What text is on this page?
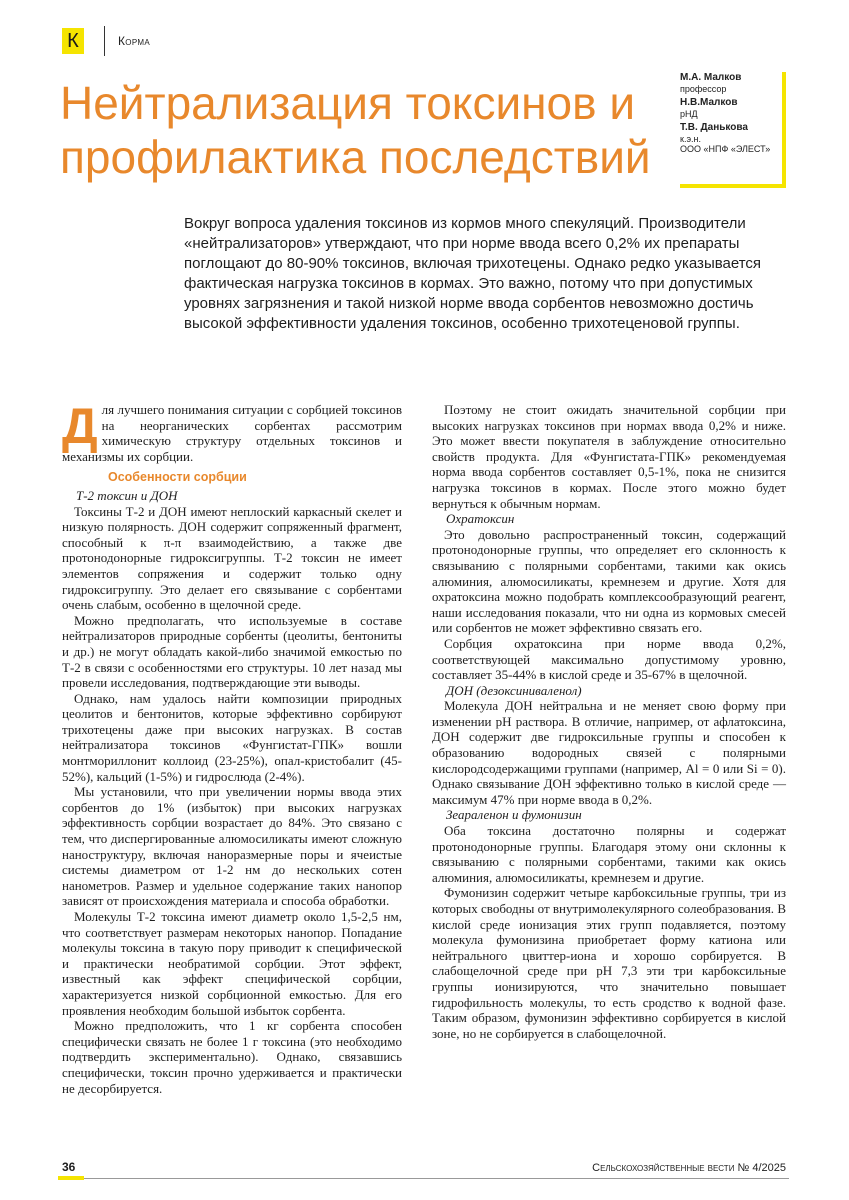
К	Корма
Нейтрализация токсинов и профилактика последствий
М.А. Малков
профессор
Н.В.Малков
рНД
Т.В. Данькова
к.э.н.
ООО «НПФ «ЭЛЕСТ»

Вокруг вопроса удаления токсинов из кормов много спекуляций. Производители «нейтрализаторов» утверждают, что при норме ввода всего 0,2% их препараты поглощают до 80-90% токсинов, включая трихотецены. Однако редко указывается фактическая нагрузка токсинов в кормах. Это важно, потому что при допустимых уровнях загрязнения и такой низкой норме ввода сорбентов невозможно достичь высокой эффективности удаления токсинов, особенно трихотеценовой группы.

Для лучшего понимания ситуации с сорбцией токсинов на неорганических сорбентах рассмотрим химическую структуру отдельных токсинов и механизмы их сорбции.

Особенности сорбции

Т-2 токсин и ДОН

Токсины Т-2 и ДОН имеют неплоский каркасный скелет и низкую полярность. ДОН содержит сопряженный фрагмент, способный к π-π взаимодействию, а также две протонодонорные гидроксигруппы. Т-2 токсин не имеет элементов сопряжения и содержит только одну гидроксигруппу. Это делает его связывание с сорбентами очень слабым, особенно в щелочной среде.

Можно предполагать, что используемые в составе нейтрализаторов природные сорбенты (цеолиты, бентониты и др.) не могут обладать какой-либо значимой емкостью по Т-2 в связи с особенностями его структуры. 10 лет назад мы провели исследования, подтверждающие эти выводы.

Однако, нам удалось найти композиции природных цеолитов и бентонитов, которые эффективно сорбируют трихотецены даже при высоких нагрузках. В состав нейтрализатора токсинов «Фунгистат-ГПК» вошли монтмориллонит коллоид (23-25%), опал-кристобалит (45-52%), кальций (1-5%) и гидрослюда (2-4%).

Мы установили, что при увеличении нормы ввода этих сорбентов до 1% (избыток) при высоких нагрузках эффективность сорбции возрастает до 84%. Это связано с тем, что диспергированные алюмосиликаты имеют сложную наноструктуру, включая наноразмерные поры и ячеистые системы диаметром от 1-2 нм до нескольких сотен нанометров. Размер и удельное содержание таких нанопор зависят от происхождения материала и способа обработки.

Молекулы Т-2 токсина имеют диаметр около 1,5-2,5 нм, что соответствует размерам некоторых нанопор. Попадание молекулы токсина в такую пору приводит к специфической и практически необратимой сорбции. Этот эффект, известный как эффект специфической сорбции, характеризуется низкой сорбционной емкостью. Для его проявления необходим большой избыток сорбента.

Можно предположить, что 1 кг сорбента способен специфически связать не более 1 г токсина (это необходимо подтвердить экспериментально). Однако, связавшись специфически, токсин прочно удерживается и практически не десорбируется.

Поэтому не стоит ожидать значительной сорбции при высоких нагрузках токсинов при нормах ввода 0,2% и ниже. Это может ввести покупателя в заблуждение относительно свойств продукта. Для «Фунгистата-ГПК» рекомендуемая норма ввода сорбентов составляет 0,5-1%, пока не снизится нагрузка токсинов в кормах. После этого можно будет вернуться к обычным нормам.

Охратоксин

Это довольно распространенный токсин, содержащий протонодонорные группы, что определяет его склонность к связыванию с полярными сорбентами, такими как окись алюминия, алюмосиликаты, кремнезем и другие. Хотя для охратоксина можно подобрать комплексообразующий реагент, наши исследования показали, что ни одна из кормовых смесей или сорбентов не может эффективно связать его.

Сорбция охратоксина при норме ввода 0,2%, соответствующей максимально допустимому уровню, составляет 35-44% в кислой среде и 35-67% в щелочной.

ДОН (дезоксиниваленол)

Молекула ДОН нейтральна и не меняет свою форму при изменении pH раствора. В отличие, например, от афлатоксина, ДОН содержит две гидроксильные группы и способен к образованию водородных связей с полярными кислородсодержащими группами (например, Al = 0 или Si = 0). Однако связывание ДОН эффективно только в кислой среде — максимум 47% при норме ввода в 0,2%.

Зеараленон и фумонизин

Оба токсина достаточно полярны и содержат протонодонорные группы. Благодаря этому они склонны к связыванию с полярными сорбентами, такими как окись алюминия, алюмосиликаты, кремнезем и другие.

Фумонизин содержит четыре карбоксильные группы, три из которых свободны от внутримолекулярного солеобразования. В кислой среде ионизация этих групп подавляется, поэтому молекула фумонизина приобретает форму катиона или нейтрального цвиттер-иона и хорошо сорбируется. В слабощелочной среде при pH 7,3 эти три карбоксильные группы ионизируются, что значительно повышает гидрофильность молекулы, то есть сродство к водной фазе. Таким образом, фумонизин эффективно сорбируется в кислой зоне, но не сорбируется в слабощелочной.

36	Сельскохозяйственные вести № 4/2025
